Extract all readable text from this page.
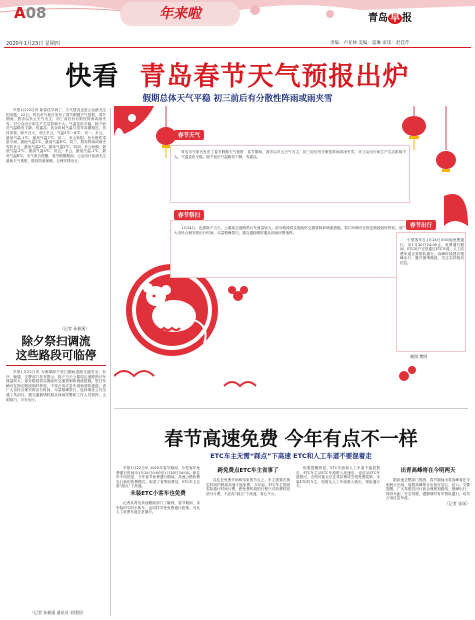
A08	年来啦	青岛 早 报
2020年1月23日 星期四	责编：卢亚林 美编：夏琳 审读：赵佳芹
快看 青岛春节天气预报出炉
假期总体天气平稳 初三前后有分散性阵雨或雨夹雪

早报1月22日讯 新春佳节到了，天气情况也是公众最关注的话题。22日，青岛市气象台发布了春节假期天气预报，春节期间，我市以多云天气为主，初三前后有分散性阵雨或雨夹雪，对公众出行和生产生活影响不大。气温变化平稳，除夕前后气温略有下降，有霜冻；其余时间气温与常年同期相近。具体来看，除夕白天，市区多云，气温4℃～8℃；初一，多云，最低气温-1℃，最高气温7℃；初二，多云转阴，有分散性零星小雨，最低气温2℃，最高气温6℃；初三，阴有阵雨或雨夹雪转多云，最低气温2℃，最高气温5℃；初四，多云间晴，最低气温-2℃，最高气温5℃；初五，多云，最低气温-1℃，最高气温6℃。市气象台提醒，春节假期期间，公众出行前请关注最新天气预报，做好防寒保暖，合理安排出行。

（记者 孙筱溪）
除夕祭扫调流
这些路段可临停

早报1月22日讯 为保障除夕祭扫期间道路交通安全、有序、畅通，交警部门发布提示，除夕当天公墓周边道路预计车流量较大，部分路段将实施临时交通管制和调流措施。祭扫车辆可在指定路段临时停放，不得占用应急车道和消防通道。请广大市民合理安排出行时间，尽量错峰祭扫，选择乘坐公共交通工具前往，遇交通拥堵时服从现场民警和工作人员指挥，文明祭扫，平安出行。

（记者 孙筱溪 通讯员 刘建国）
春节天气

青岛市气象台发布了春节假期天气预报：春节期间，我市以多云天气为主，初三前后有分散性阵雨或雨夹雪，对公众出行和生产生活影响不大。气温变化平稳，除夕前后气温略有下降，有霜冻。

春节祭扫

1月24日，也即除夕当天，公墓周边道路预计车流量较大，部分路段将实施临时交通管制和调流措施，祭扫车辆可在指定路段临时停放。请广大市民合理安排出行时间，尽量错峰祭扫，遇交通拥堵时服从现场民警指挥。

春节出行

小型客车自1月24日0:00起免费通行，至1月30日24:00止。免费通行期间，ETC用户正常通过ETC车道，人工收费车道正常排队通行。高峰时段建议错峰出行，避开拥堵路段，关注实时路况信息。

制图 樊明
春节高速免费 今年有点不一样
ETC车主无需“踩点”下高速 ETC和人工车道不要混着走

早报1月22日讯 2020年春节期间，小型客车免费通行时间为1月24日0:00至1月30日24:00。和往年不同的是，今年春节免费通行期间，高速公路收费实行新的收费模式，取消了省界收费站，ETC车主无需“踩点”下高速。

未装ETC小客车也免费

记者从青岛高速路政部门了解到，春节期间，未安装ETC的小客车，也同样享受免费通行政策，可从人工收费车道正常通行。

跨免费点ETC车主省事了

以往在免费开始和结束的节点上，车主需要在规定时间内驶离高速才能免费。今年起，ETC车主按照实际通行时间计费，跨免费时段的行程只对收费时段部分计费，不必再“踩点”下高速，省心不少。

但要提醒的是，ETC车道和人工车道不能混着走，ETC车主从ETC车道驶入高速后，也应从ETC车道驶出，否则可能无法正常扣费或享受免费政策。未装ETC的车主，则需从人工车道驶入驶出，领取通行卡。

出青高峰将在今明两天

据高速交警部门预测，春节期间出青高峰将在今明两天出现，返程高峰预计出现在初五、初六。交警提醒，广大驾驶员出行前合理规划路线，错峰出行，保持车距，安全驾驶，遇拥堵时有序排队通行，切勿占用应急车道。

（记者 张琛）
